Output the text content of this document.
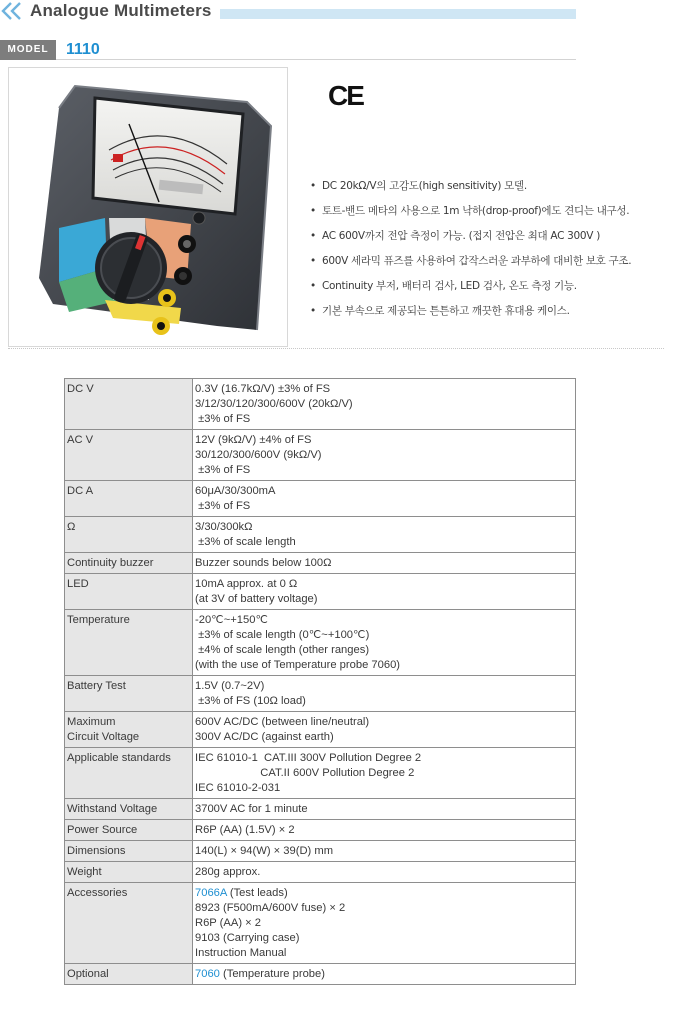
Analogue Multimeters
MODEL	1110
CE
• DC 20kΩ/V의 고감도(high sensitivity) 모델.
• 토트-밴드 메타의 사용으로 1m 낙하(drop-proof)에도 견디는 내구성.
• AC 600V까지 전압 측정이 가능. (접지 전압은 최대 AC 300V )
• 600V 세라믹 퓨즈를 사용하여 갑작스러운 과부하에 대비한 보호 구조.
• Continuity 부저, 배터리 검사, LED 검사, 온도 측정 기능.
• 기본 부속으로 제공되는 튼튼하고 깨끗한 휴대용 케이스.
DC V	0.3V (16.7kΩ/V) ±3% of FS
3/12/30/120/300/600V (20kΩ/V)
±3% of FS

AC V	12V (9kΩ/V) ±4% of FS
30/120/300/600V (9kΩ/V)
±3% of FS

DC A	60μA/30/300mA
±3% of FS

Ω	3/30/300kΩ
±3% of scale length

Continuity buzzer	Buzzer sounds below 100Ω

LED	10mA approx. at 0 Ω
(at 3V of battery voltage)

Temperature	-20℃~+150℃
±3% of scale length (0℃~+100℃)
±4% of scale length (other ranges)
(with the use of Temperature probe 7060)

Battery Test	1.5V (0.7~2V)
±3% of FS (10Ω load)

Maximum
Circuit Voltage	600V AC/DC (between line/neutral)
300V AC/DC (against earth)

Applicable standards	IEC 61010-1  CAT.III 300V Pollution Degree 2
CAT.II 600V Pollution Degree 2
IEC 61010-2-031

Withstand Voltage	3700V AC for 1 minute

Power Source	R6P (AA) (1.5V) × 2

Dimensions	140(L) × 94(W) × 39(D) mm

Weight	280g approx.

Accessories	7066A (Test leads)
8923 (F500mA/600V fuse) × 2
R6P (AA) × 2
9103 (Carrying case)
Instruction Manual

Optional	7060 (Temperature probe)
